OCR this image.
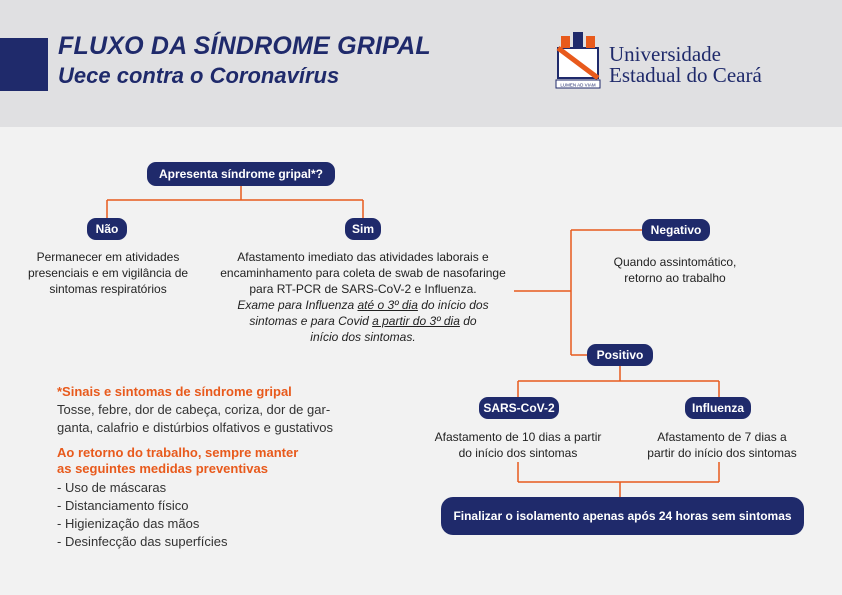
FLUXO DA SÍNDROME GRIPAL
Uece contra o Coronavírus	LUMEN AD VIAM
Universidade
Estadual do Ceará
Apresenta síndrome gripal*?
Não	Sim
Permanecer em atividades
presenciais e em vigilância de
sintomas respiratórios
Afastamento imediato das atividades laborais e
encaminhamento para coleta de swab de nasofaringe
para RT-PCR de SARS-CoV-2 e Influenza.
Exame para Influenza até o 3º dia do início dos
sintomas e para Covid a partir do 3º dia do
início dos sintomas.
Negativo
Quando assintomático,
retorno ao trabalho
Positivo
SARS-CoV-2	Influenza
Afastamento de 10 dias a partir
do início dos sintomas
Afastamento de 7 dias a
partir do início dos sintomas
Finalizar o isolamento apenas após 24 horas sem sintomas
*Sinais e sintomas de síndrome gripal
Tosse, febre, dor de cabeça, coriza, dor de gar-
ganta, calafrio e distúrbios olfativos e gustativos
Ao retorno do trabalho, sempre manter
as seguintes medidas preventivas
- Uso de máscaras
- Distanciamento físico
- Higienização das mãos
- Desinfecção das superfícies
